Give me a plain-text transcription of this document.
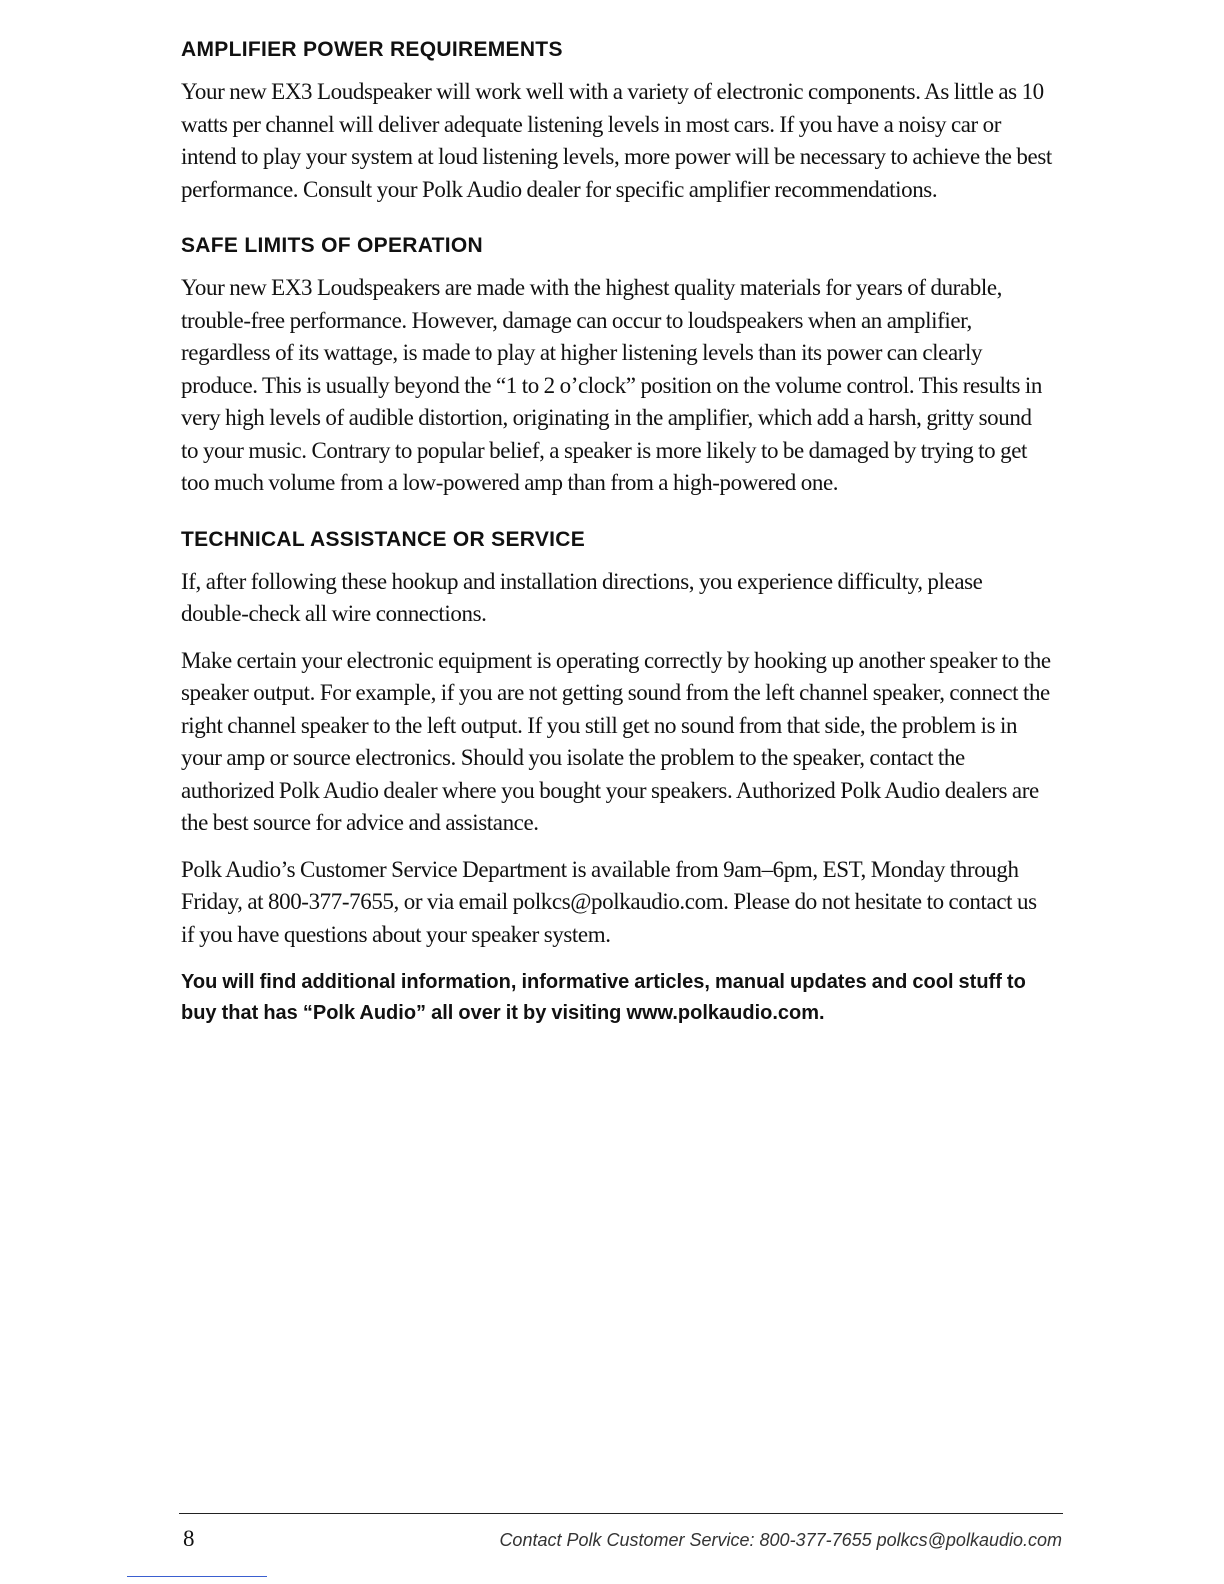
AMPLIFIER POWER REQUIREMENTS

Your new EX3 Loudspeaker will work well with a variety of electronic components. As little as 10 watts per channel will deliver adequate listening levels in most cars. If you have a noisy car or intend to play your system at loud listening levels, more power will be necessary to achieve the best performance. Consult your Polk Audio dealer for specific amplifier recommendations.

SAFE LIMITS OF OPERATION

Your new EX3 Loudspeakers are made with the highest quality materials for years of durable, trouble-free performance. However, damage can occur to loudspeakers when an amplifier, regardless of its wattage, is made to play at higher listening levels than its power can clearly produce. This is usually beyond the “1 to 2 o’clock” position on the volume control. This results in very high levels of audible distortion, originating in the amplifier, which add a harsh, gritty sound to your music. Contrary to popular belief, a speaker is more likely to be damaged by trying to get too much volume from a low-powered amp than from a high-powered one.

TECHNICAL ASSISTANCE OR SERVICE

If, after following these hookup and installation directions, you experience difficulty, please double-check all wire connections.

Make certain your electronic equipment is operating correctly by hooking up another speaker to the speaker output. For example, if you are not getting sound from the left channel speaker, connect the right channel speaker to the left output. If you still get no sound from that side, the problem is in your amp or source electronics. Should you isolate the problem to the speaker, contact the authorized Polk Audio dealer where you bought your speakers. Authorized Polk Audio dealers are the best source for advice and assistance.

Polk Audio’s Customer Service Department is available from 9am–6pm, EST, Monday through Friday, at 800-377-7655, or via email polkcs@polkaudio.com. Please do not hesitate to contact us if you have questions about your speaker system.

You will find additional information, informative articles, manual updates and cool stuff to buy that has “Polk Audio” all over it by visiting www.polkaudio.com.

8	Contact Polk Customer Service: 800-377-7655 polkcs@polkaudio.com
